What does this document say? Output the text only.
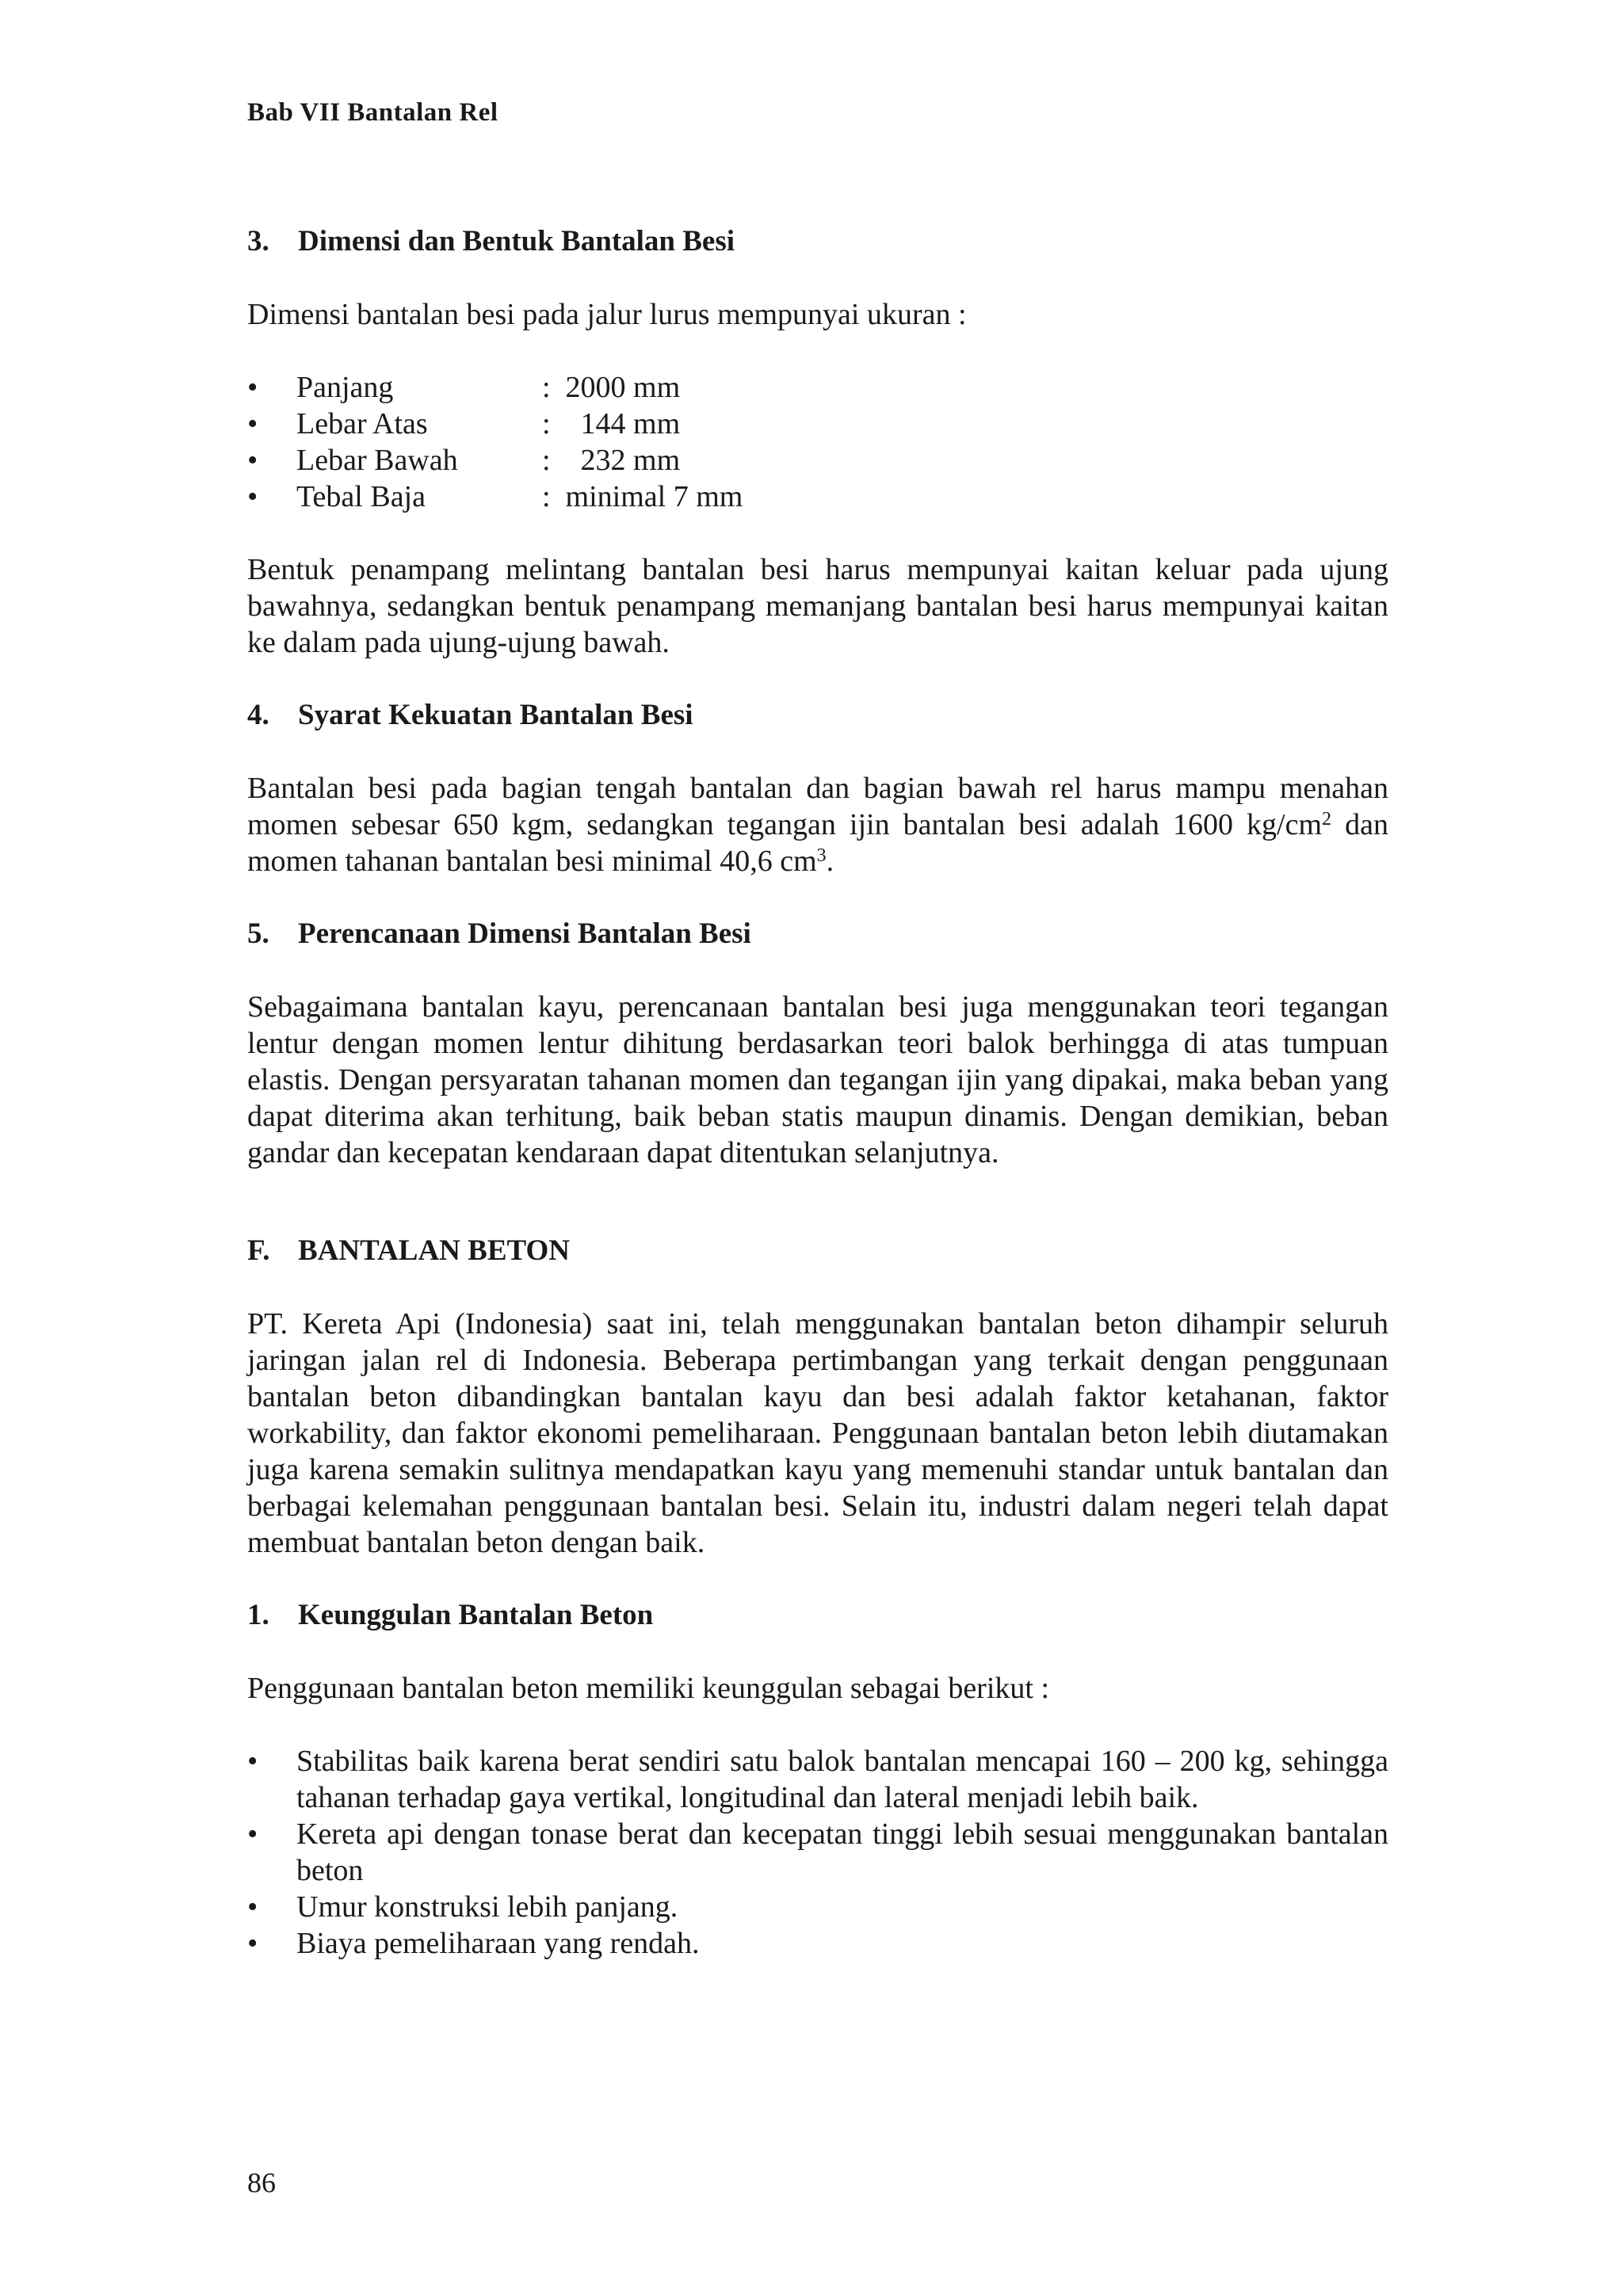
Bab VII Bantalan Rel
3. Dimensi dan Bentuk Bantalan Besi

Dimensi bantalan besi pada jalur lurus mempunyai ukuran :

• Panjang	:  2000 mm
• Lebar Atas	:    144 mm
• Lebar Bawah	:    232 mm
• Tebal Baja	:  minimal 7 mm

Bentuk penampang melintang bantalan besi harus mempunyai kaitan keluar pada ujung bawahnya, sedangkan bentuk penampang memanjang bantalan besi harus mempunyai kaitan ke dalam pada ujung-ujung bawah.

4. Syarat Kekuatan Bantalan Besi

Bantalan besi pada bagian tengah bantalan dan bagian bawah rel harus mampu menahan momen sebesar 650 kgm, sedangkan tegangan ijin bantalan besi adalah 1600 $kg/cm^2$ dan momen tahanan bantalan besi minimal 40,6 $cm^3$.

5. Perencanaan Dimensi Bantalan Besi

Sebagaimana bantalan kayu, perencanaan bantalan besi juga menggunakan teori tegangan lentur dengan momen lentur dihitung berdasarkan teori balok berhingga di atas tumpuan elastis. Dengan persyaratan tahanan momen dan tegangan ijin yang dipakai, maka beban yang dapat diterima akan terhitung, baik beban statis maupun dinamis. Dengan demikian, beban gandar dan kecepatan kendaraan dapat ditentukan selanjutnya.

F. BANTALAN BETON

PT. Kereta Api (Indonesia) saat ini, telah menggunakan bantalan beton dihampir seluruh jaringan jalan rel di Indonesia. Beberapa pertimbangan yang terkait dengan penggunaan bantalan beton dibandingkan bantalan kayu dan besi adalah faktor ketahanan, faktor workability, dan faktor ekonomi pemeliharaan. Penggunaan bantalan beton lebih diutamakan juga karena semakin sulitnya mendapatkan kayu yang memenuhi standar untuk bantalan dan berbagai kelemahan penggunaan bantalan besi. Selain itu, industri dalam negeri telah dapat membuat bantalan beton dengan baik.

1. Keunggulan Bantalan Beton

Penggunaan bantalan beton memiliki keunggulan sebagai berikut :

• Stabilitas baik karena berat sendiri satu balok bantalan mencapai 160 – 200 kg, sehingga tahanan terhadap gaya vertikal, longitudinal dan lateral menjadi lebih baik.
• Kereta api dengan tonase berat dan kecepatan tinggi lebih sesuai menggunakan bantalan beton
• Umur konstruksi lebih panjang.
• Biaya pemeliharaan yang rendah.
86
